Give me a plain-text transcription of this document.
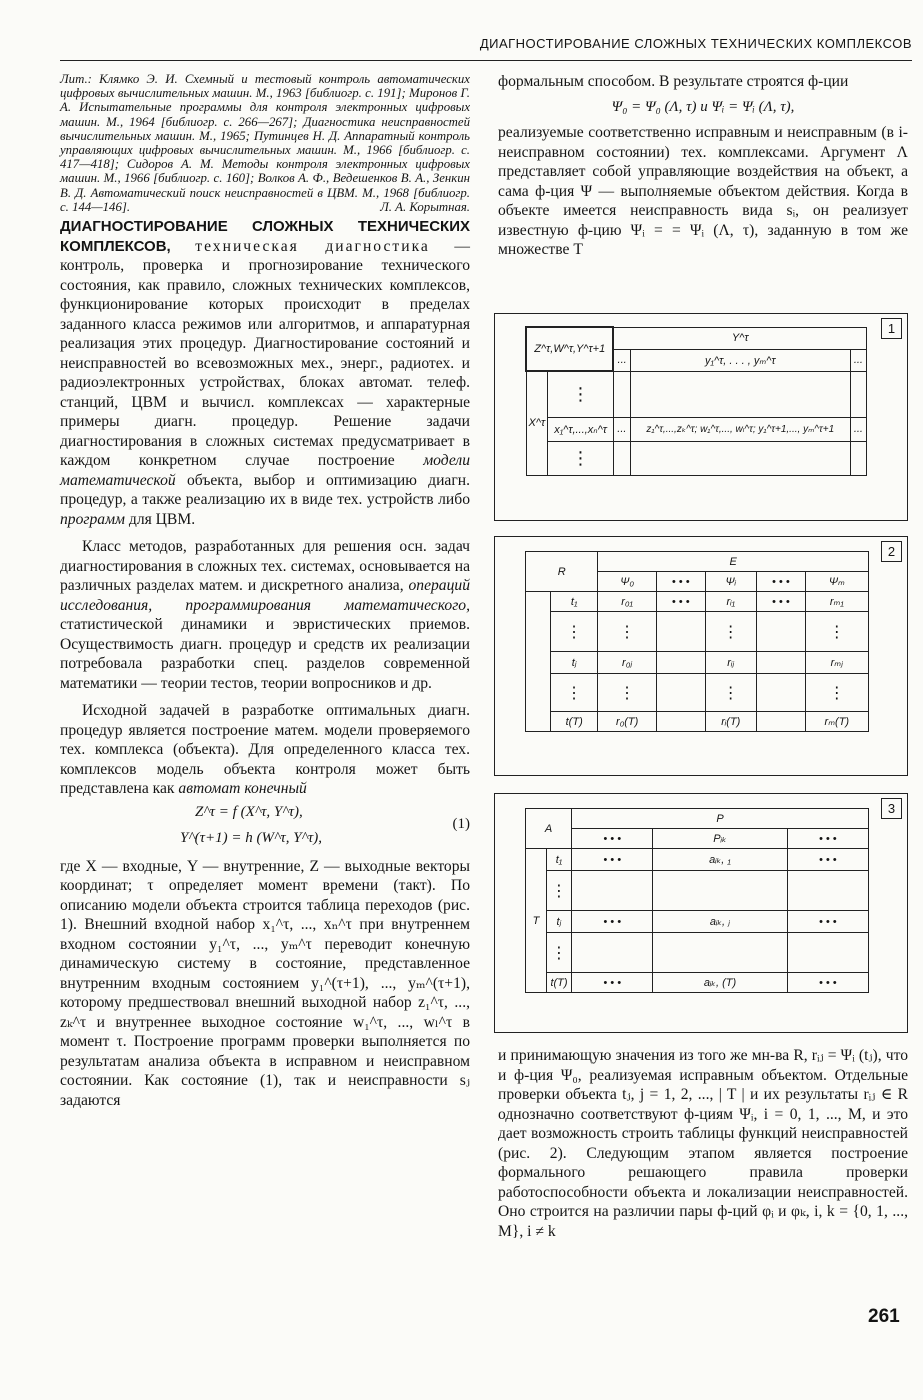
ДИАГНОСТИРОВАНИЕ СЛОЖНЫХ ТЕХНИЧЕСКИХ КОМПЛЕКСОВ

Лит.: Клямко Э. И. Схемный и тестовый контроль автоматических цифровых вычислительных машин. М., 1963 [библиогр. с. 191]; Миронов Г. А. Испытательные программы для контроля электронных цифровых машин. М., 1964 [библиогр. с. 266—267]; Диагностика неисправностей вычислительных машин. М., 1965; Путинцев Н. Д. Аппаратный контроль управляющих цифровых вычислительных машин. М., 1966 [библиогр. с. 417—418]; Сидоров А. М. Методы контроля электронных цифровых машин. М., 1966 [библиогр. с. 160]; Волков А. Ф., Ведешенков В. А., Зенкин В. Д. Автоматический поиск неисправностей в ЦВМ. М., 1968 [библиогр. с. 144—146].	Л. А. Корытная.

ДИАГНОСТИРОВАНИЕ СЛОЖНЫХ ТЕХНИЧЕСКИХ КОМПЛЕКСОВ, техническая диагностика — контроль, проверка и прогнозирование технического состояния, как правило, сложных технических комплексов, функционирование которых происходит в пределах заданного класса режимов или алгоритмов, и аппаратурная реализация этих процедур. Диагностирование состояний и неисправностей во всевозможных мех., энерг., радиотех. и радиоэлектронных устройствах, блоках автомат. телеф. станций, ЦВМ и вычисл. комплексах — характерные примеры диагн. процедур. Решение задачи диагностирования в сложных системах предусматривает в каждом конкретном случае построение модели математической объекта, выбор и оптимизацию диагн. процедур, а также реализацию их в виде тех. устройств либо программ для ЦВМ.

Класс методов, разработанных для решения осн. задач диагностирования в сложных тех. системах, основывается на различных разделах матем. и дискретного анализа, операций исследования, программирования математического, статистической динамики и эвристических приемов. Осуществимость диагн. процедур и средств их реализации потребовала разработки спец. разделов современной математики — теории тестов, теории вопросников и др.

Исходной задачей в разработке оптимальных диагн. процедур является построение матем. модели проверяемого тех. комплекса (объекта). Для определенного класса тех. комплексов модель объекта контроля может быть представлена как автомат конечный

Z^τ = f (X^τ, Y^τ),
Y^(τ+1) = h (W^τ, Y^τ),
(1)

где X — входные, Y — внутренние, Z — выходные векторы координат; τ определяет момент времени (такт). По описанию модели объекта строится таблица переходов (рис. 1). Внешний входной набор x₁^τ, ..., xₙ^τ при внутреннем входном состоянии y₁^τ, ..., yₘ^τ переводит конечную динамическую систему в состояние, представленное внутренним входным состоянием y₁^(τ+1), ..., yₘ^(τ+1), которому предшествовал внешний выходной набор z₁^τ, ..., zₖ^τ и внутреннее выходное состояние w₁^τ, ..., wₗ^τ в момент τ. Построение программ проверки выполняется по результатам анализа объекта в исправном и неисправном состоянии. Как состояние (1), так и неисправности sⱼ задаются

формальным способом. В результате строятся ф-ции

Ψ₀ = Ψ₀ (Λ, τ) и Ψᵢ = Ψᵢ (Λ, τ),

реализуемые соответственно исправным и неисправным (в i-неисправном состоянии) тех. комплексами. Аргумент Λ представляет собой управляющие воздействия на объект, а сама ф-ция Ψ — выполняемые объектом действия. Когда в объекте имеется неисправность вида sᵢ, он реализует известную ф-цию Ψᵢ = = Ψᵢ (Λ, τ), заданную в том же множестве T

1
Z^τ,W^τ,Y^τ+1		Y^τ		
		...	y₁^τ, . . . , yₘ^τ	...
X^τ	⋮			
	x₁^τ,...,xₙ^τ	...	z₁^τ,...,zₖ^τ; w₁^τ,..., wₗ^τ; y₁^τ+1,..., yₘ^τ+1	...
	⋮			
2
R		E				
		Ψ₀	• • •	Ψᵢ	• • •	Ψₘ
	t₁	r₀₁	• • •	rᵢ₁	• • •	rₘ₁
	⋮	⋮		⋮		⋮
	tⱼ	r₀ⱼ		rᵢⱼ		rₘⱼ
	⋮	⋮		⋮		⋮
	t(T)	r₀(T)		rᵢ(T)		rₘ(T)
3
A		P		
		• • •	Pᵢₖ	• • •
T	t₁	• • •	aᵢₖ, ₁	• • •
	⋮			
	tⱼ	• • •	aᵢₖ, ⱼ	• • •
	⋮			
	t(T)	• • •	aᵢₖ, (T)	• • •

и принимающую значения из того же мн-ва R, rᵢⱼ = Ψᵢ (tⱼ), что и ф-ция Ψ₀, реализуемая исправным объектом. Отдельные проверки объекта tⱼ, j = 1, 2, ..., | T | и их результаты rᵢⱼ ∈ R однозначно соответствуют ф-циям Ψᵢ, i = 0, 1, ..., M, и это дает возможность строить таблицы функций неисправностей (рис. 2). Следующим этапом является построение формального решающего правила проверки работоспособности объекта и локализации неисправностей. Оно строится на различии пары ф-ций φᵢ и φₖ, i, k = {0, 1, ..., M}, i ≠ k

261
